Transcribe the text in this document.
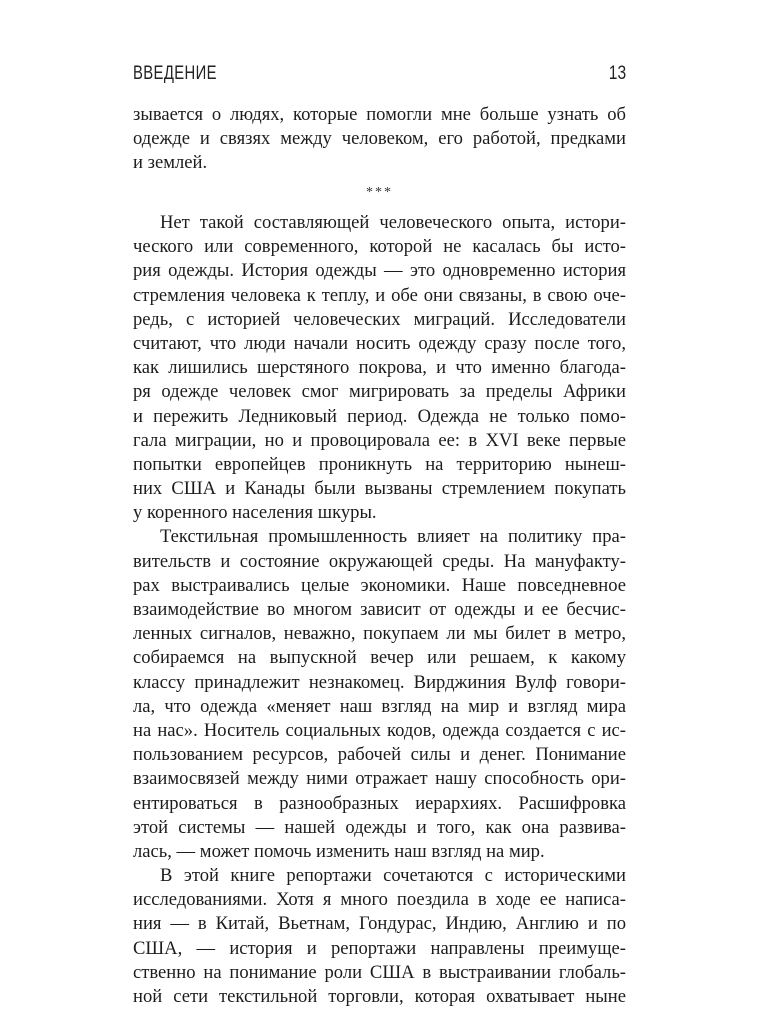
ВВЕДЕНИЕ	13
зывается о людях, которые помогли мне больше узнать об
одежде и связях между человеком, его работой, предками
и землей.
***
Нет такой составляющей человеческого опыта, истори-
ческого или современного, которой не касалась бы исто-
рия одежды. История одежды — это одновременно история
стремления человека к теплу, и обе они связаны, в свою оче-
редь, с историей человеческих миграций. Исследователи
считают, что люди начали носить одежду сразу после того,
как лишились шерстяного покрова, и что именно благода-
ря одежде человек смог мигрировать за пределы Африки
и пережить Ледниковый период. Одежда не только помо-
гала миграции, но и провоцировала ее: в XVI веке первые
попытки европейцев проникнуть на территорию нынеш-
них США и Канады были вызваны стремлением покупать
у коренного населения шкуры.
Текстильная промышленность влияет на политику пра-
вительств и состояние окружающей среды. На мануфакту-
рах выстраивались целые экономики. Наше повседневное
взаимодействие во многом зависит от одежды и ее бесчис-
ленных сигналов, неважно, покупаем ли мы билет в метро,
собираемся на выпускной вечер или решаем, к какому
классу принадлежит незнакомец. Вирджиния Вулф говори-
ла, что одежда «меняет наш взгляд на мир и взгляд мира
на нас». Носитель социальных кодов, одежда создается с ис-
пользованием ресурсов, рабочей силы и денег. Понимание
взаимосвязей между ними отражает нашу способность ори-
ентироваться в разнообразных иерархиях. Расшифровка
этой системы — нашей одежды и того, как она развива-
лась, — может помочь изменить наш взгляд на мир.
В этой книге репортажи сочетаются с историческими
исследованиями. Хотя я много поездила в ходе ее написа-
ния — в Китай, Вьетнам, Гондурас, Индию, Англию и по
США, — история и репортажи направлены преимуще-
ственно на понимание роли США в выстраивании глобаль-
ной сети текстильной торговли, которая охватывает ныне
